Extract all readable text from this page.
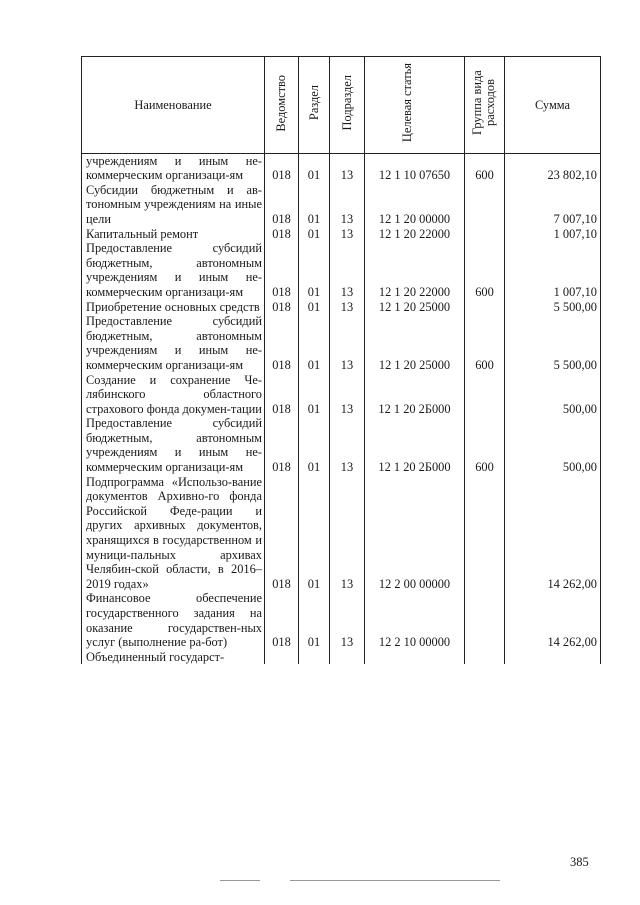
Наименование	Ведомство	Раздел	Подраздел	Целевая статья	Группа вида расходов	Сумма
учреждениям и иным не-коммерческим организаци-ям	018	01	13	12 1 10 07650	600	23 802,10
Субсидии бюджетным и ав-тономным учреждениям на иные цели	018	01	13	12 1 20 00000		7 007,10
Капитальный ремонт	018	01	13	12 1 20 22000		1 007,10
Предоставление субсидий бюджетным, автономным учреждениям и иным не-коммерческим организаци-ям	018	01	13	12 1 20 22000	600	1 007,10
Приобретение основных средств	018	01	13	12 1 20 25000		5 500,00
Предоставление субсидий бюджетным, автономным учреждениям и иным не-коммерческим организаци-ям	018	01	13	12 1 20 25000	600	5 500,00
Создание и сохранение Че-лябинского областного страхового фонда докумен-тации	018	01	13	12 1 20 2Б000		500,00
Предоставление субсидий бюджетным, автономным учреждениям и иным не-коммерческим организаци-ям	018	01	13	12 1 20 2Б000	600	500,00
Подпрограмма «Использо-вание документов Архивно-го фонда Российской Феде-рации и других архивных документов, хранящихся в государственном и муници-пальных архивах Челябин-ской области, в 2016–2019 годах»	018	01	13	12 2 00 00000		14 262,00
Финансовое обеспечение государственного задания на оказание государствен-ных услуг (выполнение ра-бот)	018	01	13	12 2 10 00000		14 262,00
Объединенный государст-						
385
